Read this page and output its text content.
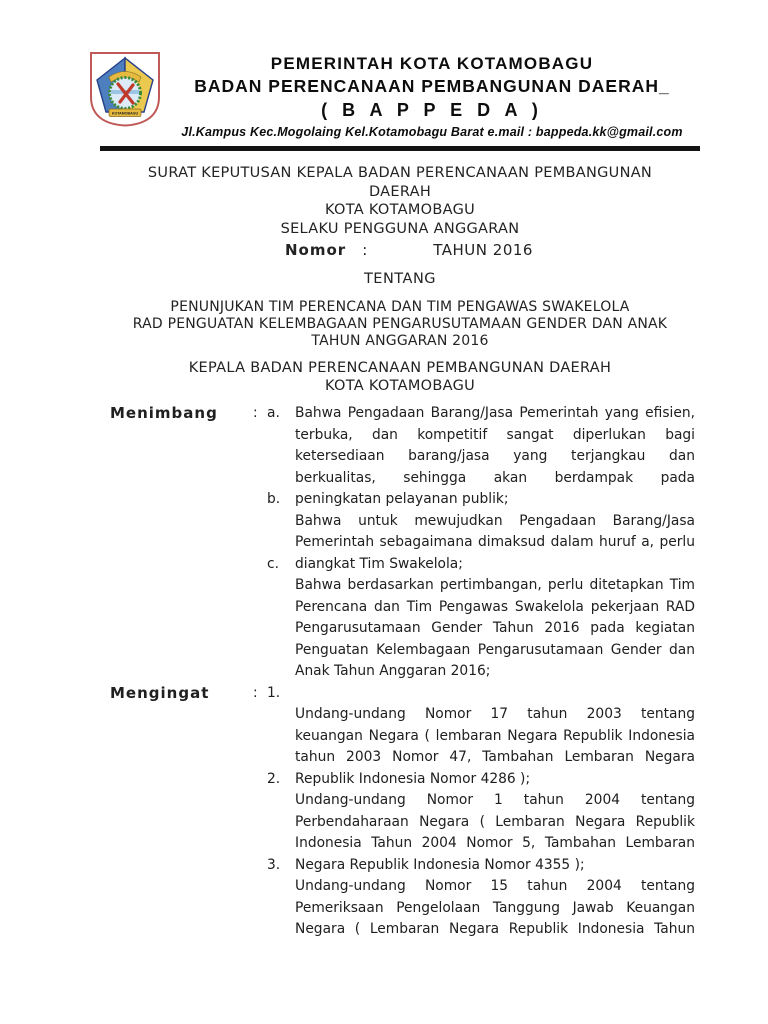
KOTAMOBAGU
PEMERINTAH KOTA KOTAMOBAGU
BADAN PERENCANAAN PEMBANGUNAN DAERAH_
( B A P P E D A )
Jl.Kampus Kec.Mogolaing Kel.Kotamobagu Barat e.mail : bappeda.kk@gmail.com
SURAT KEPUTUSAN KEPALA BADAN PERENCANAAN PEMBANGUNAN
DAERAH
KOTA KOTAMOBAGU
SELAKU PENGGUNA ANGGARAN
Nomor :	TAHUN 2016
TENTANG
PENUNJUKAN TIM PERENCANA DAN TIM PENGAWAS SWAKELOLA
RAD PENGUATAN KELEMBAGAAN PENGARUSUTAMAAN GENDER DAN ANAK
TAHUN ANGGARAN 2016
KEPALA BADAN PERENCANAAN PEMBANGUNAN DAERAH
KOTA KOTAMOBAGU
Menimbang	: a.	Bahwa Pengadaan Barang/Jasa Pemerintah yang efisien,
terbuka, dan kompetitif sangat diperlukan bagi
ketersediaan barang/jasa yang terjangkau dan
berkualitas, sehingga akan berdampak pada
b.	peningkatan pelayanan publik;
Bahwa untuk mewujudkan Pengadaan Barang/Jasa
Pemerintah sebagaimana dimaksud dalam huruf a, perlu
c.	diangkat Tim Swakelola;
Bahwa berdasarkan pertimbangan, perlu ditetapkan Tim
Perencana dan Tim Pengawas Swakelola pekerjaan RAD
Pengarusutamaan Gender Tahun 2016 pada kegiatan
Penguatan Kelembagaan Pengarusutamaan Gender dan
Anak Tahun Anggaran 2016;
Mengingat	: 1.
Undang-undang Nomor 17 tahun 2003 tentang
keuangan Negara ( lembaran Negara Republik Indonesia
tahun 2003 Nomor 47, Tambahan Lembaran Negara
2.	Republik Indonesia Nomor 4286 );
Undang-undang Nomor 1 tahun 2004 tentang
Perbendaharaan Negara ( Lembaran Negara Republik
Indonesia Tahun 2004 Nomor 5, Tambahan Lembaran
3.	Negara Republik Indonesia Nomor 4355 );
Undang-undang Nomor 15 tahun 2004 tentang
Pemeriksaan Pengelolaan Tanggung Jawab Keuangan
Negara ( Lembaran Negara Republik Indonesia Tahun
